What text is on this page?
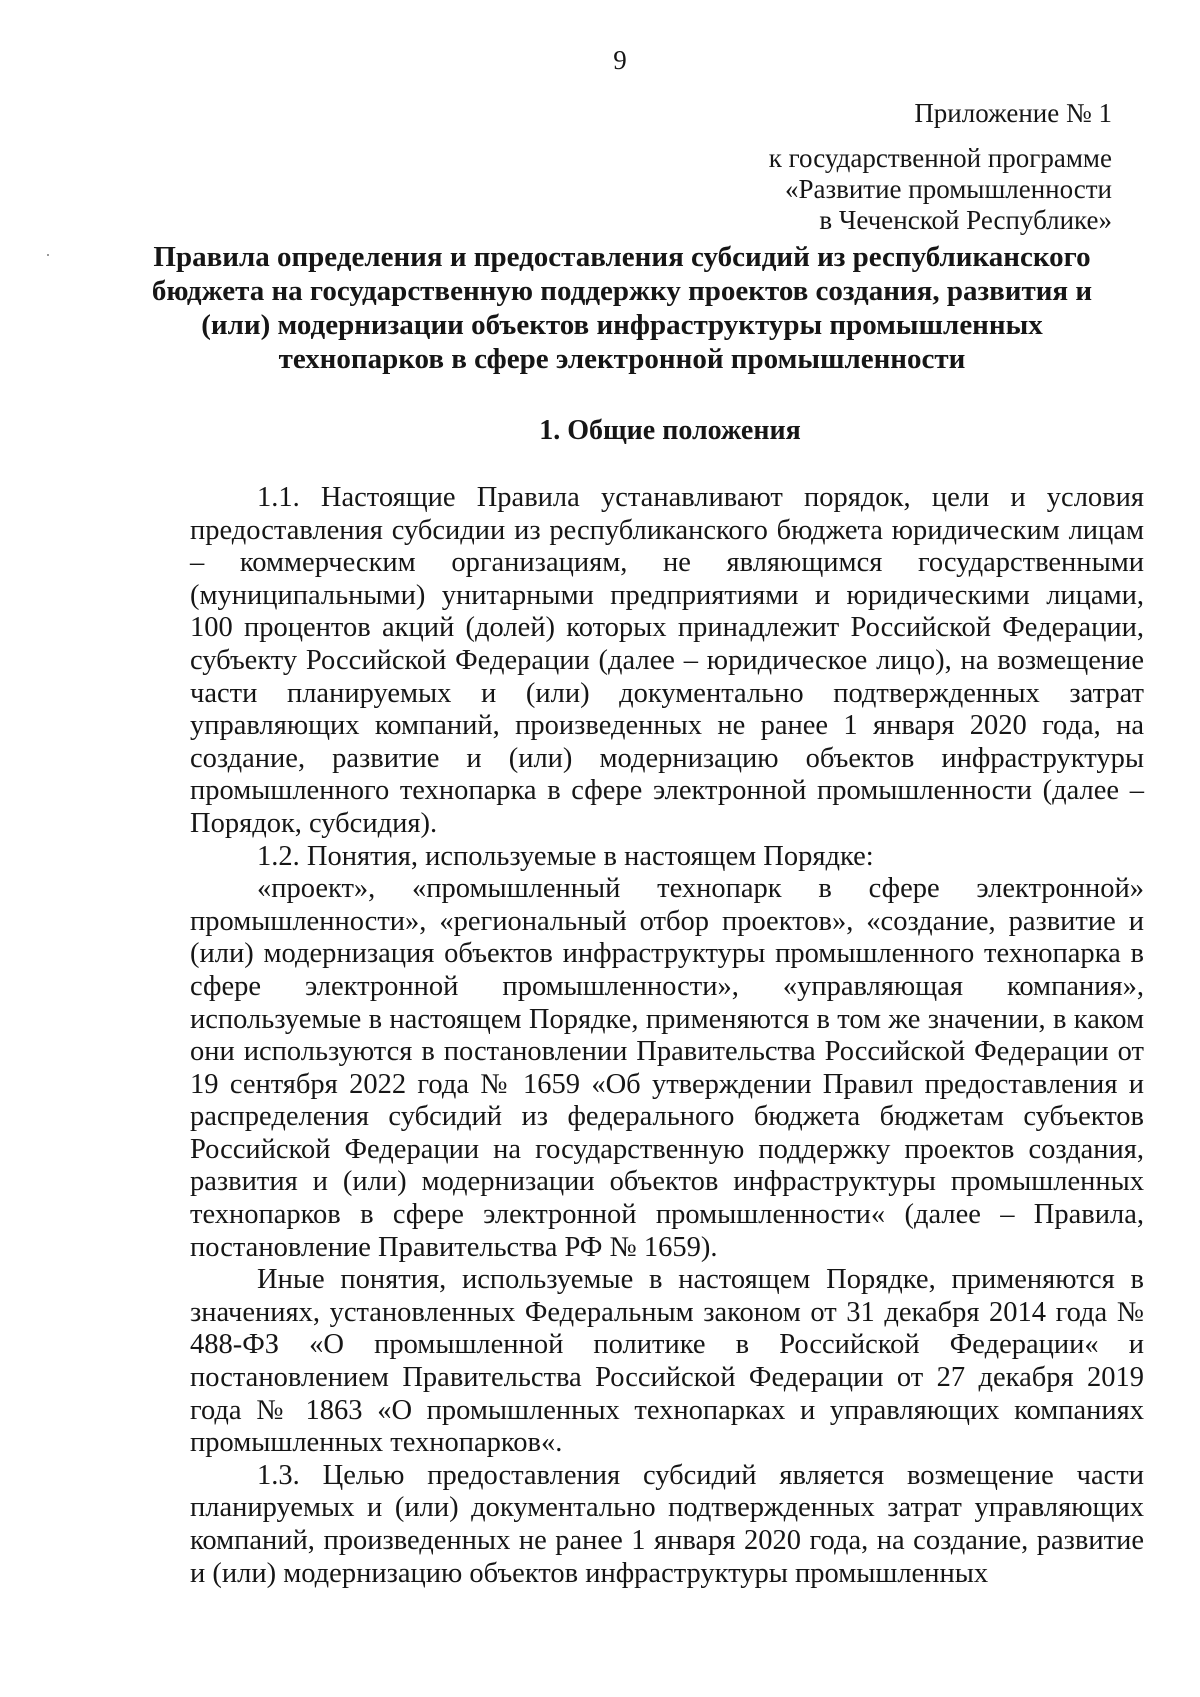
9
Приложение № 1
к государственной программе
«Развитие промышленности
в Чеченской Республике»
Правила определения и предоставления субсидий из республиканского бюджета на государственную поддержку проектов создания, развития и (или) модернизации объектов инфраструктуры промышленных технопарков в сфере электронной промышленности
1. Общие положения

1.1. Настоящие Правила устанавливают порядок, цели и условия предоставления субсидии из республиканского бюджета юридическим лицам – коммерческим организациям, не являющимся государственными (муниципальными) унитарными предприятиями и юридическими лицами, 100 процентов акций (долей) которых принадлежит Российской Федерации, субъекту Российской Федерации (далее – юридическое лицо), на возмещение части планируемых и (или) документально подтвержденных затрат управляющих компаний, произведенных не ранее 1 января 2020 года, на создание, развитие и (или) модернизацию объектов инфраструктуры промышленного технопарка в сфере электронной промышленности (далее – Порядок, субсидия).

1.2. Понятия, используемые в настоящем Порядке:

«проект», «промышленный технопарк в сфере электронной» промышленности», «региональный отбор проектов», «создание, развитие и (или) модернизация объектов инфраструктуры промышленного технопарка в сфере электронной промышленности», «управляющая компания», используемые в настоящем Порядке, применяются в том же значении, в каком они используются в постановлении Правительства Российской Федерации от 19 сентября 2022 года № 1659 «Об утверждении Правил предоставления и распределения субсидий из федерального бюджета бюджетам субъектов Российской Федерации на государственную поддержку проектов создания, развития и (или) модернизации объектов инфраструктуры промышленных технопарков в сфере электронной промышленности« (далее – Правила, постановление Правительства РФ № 1659).

Иные понятия, используемые в настоящем Порядке, применяются в значениях, установленных Федеральным законом от 31 декабря 2014 года № 488-ФЗ «О промышленной политике в Российской Федерации« и постановлением Правительства Российской Федерации от 27 декабря 2019 года № 1863 «О промышленных технопарках и управляющих компаниях промышленных технопарков«.

1.3. Целью предоставления субсидий является возмещение части планируемых и (или) документально подтвержденных затрат управляющих компаний, произведенных не ранее 1 января 2020 года, на создание, развитие и (или) модернизацию объектов инфраструктуры промышленных
